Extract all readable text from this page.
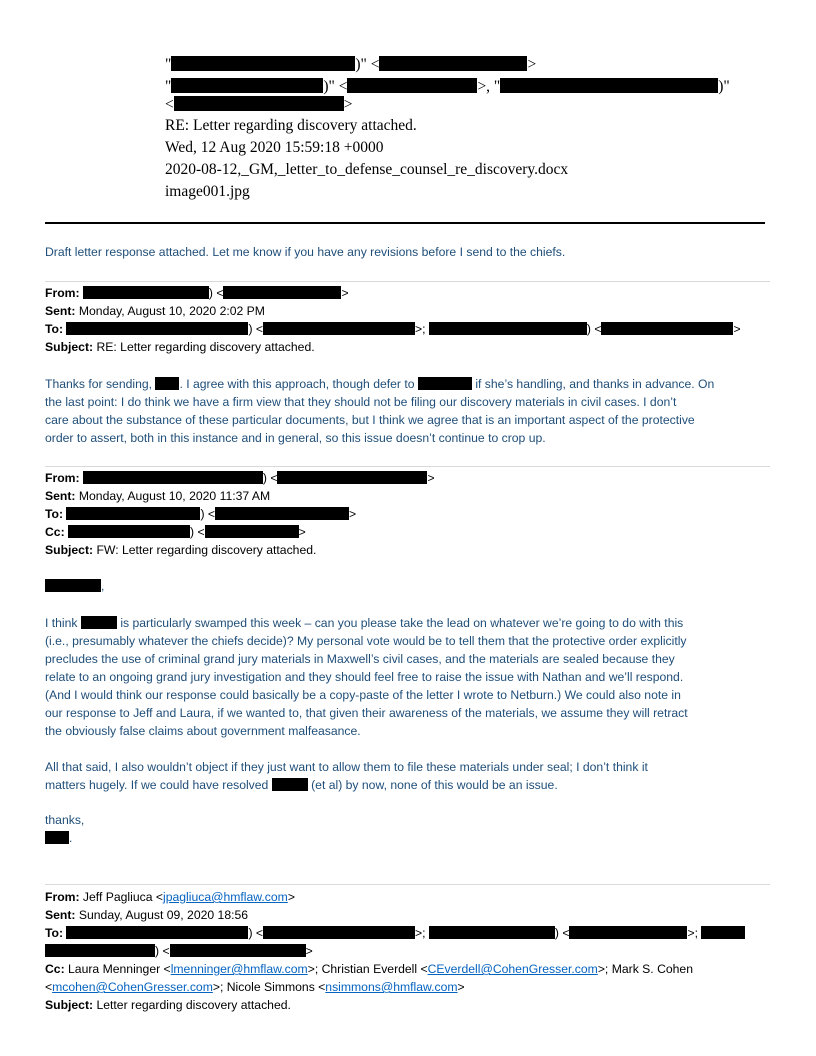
"	)" <	>
"	)" <	>, "	)"
<	>
RE: Letter regarding discovery attached.
Wed, 12 Aug 2020 15:59:18 +0000
2020-08-12,_GM,_letter_to_defense_counsel_re_discovery.docx
image001.jpg
Draft letter response attached. Let me know if you have any revisions before I send to the chiefs.
From:	) <	>
Sent: Monday, August 10, 2020 2:02 PM
To:	) <	>;	) <	>
Subject: RE: Letter regarding discovery attached.
Thanks for sending, . I agree with this approach, though defer to	if she’s handling, and thanks in advance. On
the last point: I do think we have a firm view that they should not be filing our discovery materials in civil cases. I don’t
care about the substance of these particular documents, but I think we agree that is an important aspect of the protective
order to assert, both in this instance and in general, so this issue doesn’t continue to crop up.
From:	) <	>
Sent: Monday, August 10, 2020 11:37 AM
To:	) <	>
Cc:	) <	>
Subject: FW: Letter regarding discovery attached.
,
I think	is particularly swamped this week – can you please take the lead on whatever we’re going to do with this
(i.e., presumably whatever the chiefs decide)? My personal vote would be to tell them that the protective order explicitly
precludes the use of criminal grand jury materials in Maxwell’s civil cases, and the materials are sealed because they
relate to an ongoing grand jury investigation and they should feel free to raise the issue with Nathan and we’ll respond.
(And I would think our response could basically be a copy-paste of the letter I wrote to Netburn.) We could also note in
our response to Jeff and Laura, if we wanted to, that given their awareness of the materials, we assume they will retract
the obviously false claims about government malfeasance.
All that said, I also wouldn’t object if they just want to allow them to file these materials under seal; I don’t think it
matters hugely. If we could have resolved	(et al) by now, none of this would be an issue.
thanks,
.
From: Jeff Pagliuca <jpagliuca@hmflaw.com>
Sent: Sunday, August 09, 2020 18:56
To:	) <	>;	) <	>;
) <	>
Cc: Laura Menninger <lmenninger@hmflaw.com>; Christian Everdell <CEverdell@CohenGresser.com>; Mark S. Cohen
<mcohen@CohenGresser.com>; Nicole Simmons <nsimmons@hmflaw.com>
Subject: Letter regarding discovery attached.
